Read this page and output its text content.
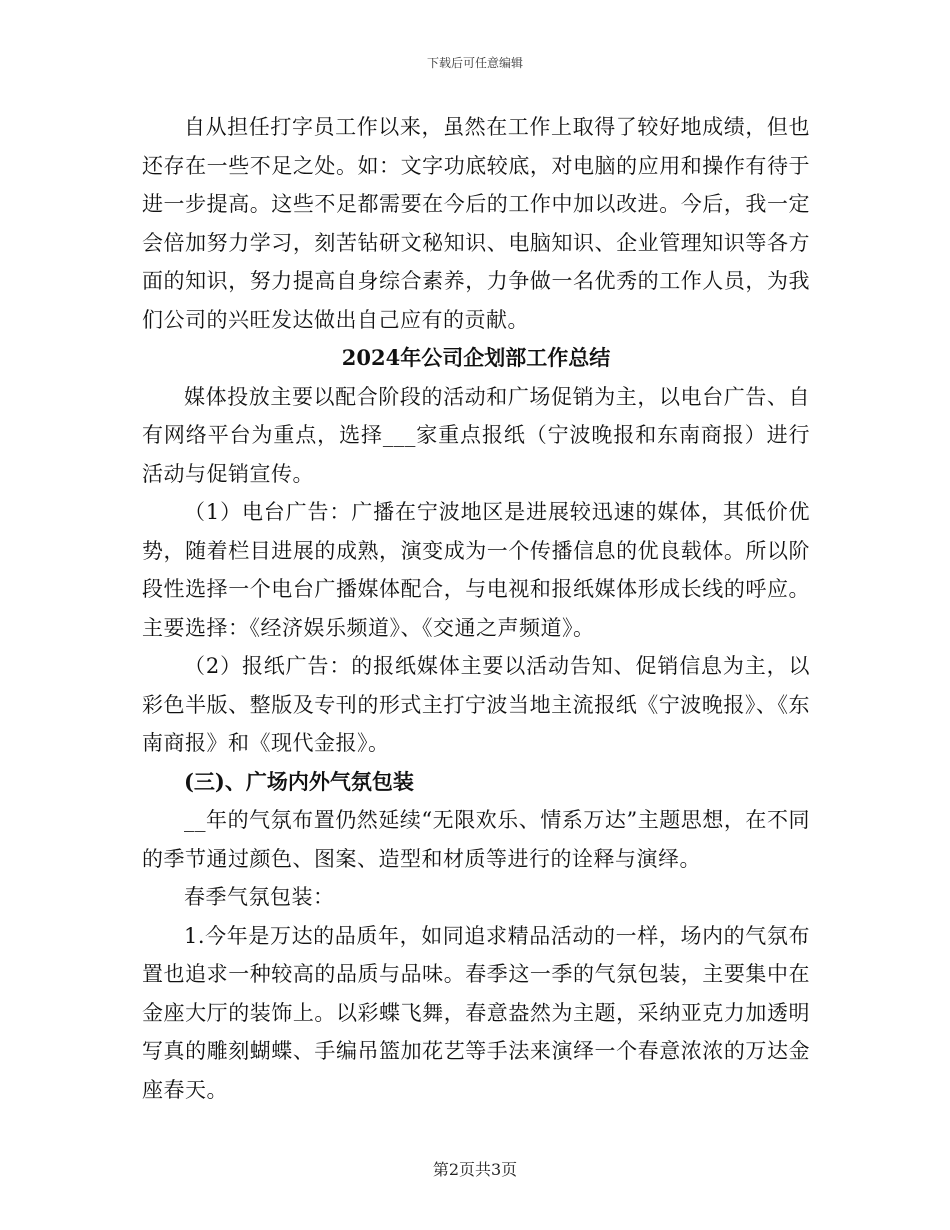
下载后可任意编辑

自从担任打字员工作以来，虽然在工作上取得了较好地成绩，但也还存在一些不足之处。如：文字功底较底，对电脑的应用和操作有待于进一步提高。这些不足都需要在今后的工作中加以改进。今后，我一定会倍加努力学习，刻苦钻研文秘知识、电脑知识、企业管理知识等各方面的知识，努力提高自身综合素养，力争做一名优秀的工作人员，为我们公司的兴旺发达做出自己应有的贡献。

2024年公司企划部工作总结

媒体投放主要以配合阶段的活动和广场促销为主，以电台广告、自有网络平台为重点，选择___家重点报纸（宁波晚报和东南商报）进行活动与促销宣传。

（1）电台广告：广播在宁波地区是进展较迅速的媒体，其低价优势，随着栏目进展的成熟，演变成为一个传播信息的优良载体。所以阶段性选择一个电台广播媒体配合，与电视和报纸媒体形成长线的呼应。主要选择：《经济娱乐频道》、《交通之声频道》。

（2）报纸广告：的报纸媒体主要以活动告知、促销信息为主，以彩色半版、整版及专刊的形式主打宁波当地主流报纸《宁波晚报》、《东南商报》和《现代金报》。

(三)、广场内外气氛包装

__年的气氛布置仍然延续“无限欢乐、情系万达”主题思想，在不同的季节通过颜色、图案、造型和材质等进行的诠释与演绎。

春季气氛包装：

1.今年是万达的品质年，如同追求精品活动的一样，场内的气氛布置也追求一种较高的品质与品味。春季这一季的气氛包装，主要集中在金座大厅的装饰上。以彩蝶飞舞，春意盎然为主题，采纳亚克力加透明写真的雕刻蝴蝶、手编吊篮加花艺等手法来演绎一个春意浓浓的万达金座春天。

第2页共3页
